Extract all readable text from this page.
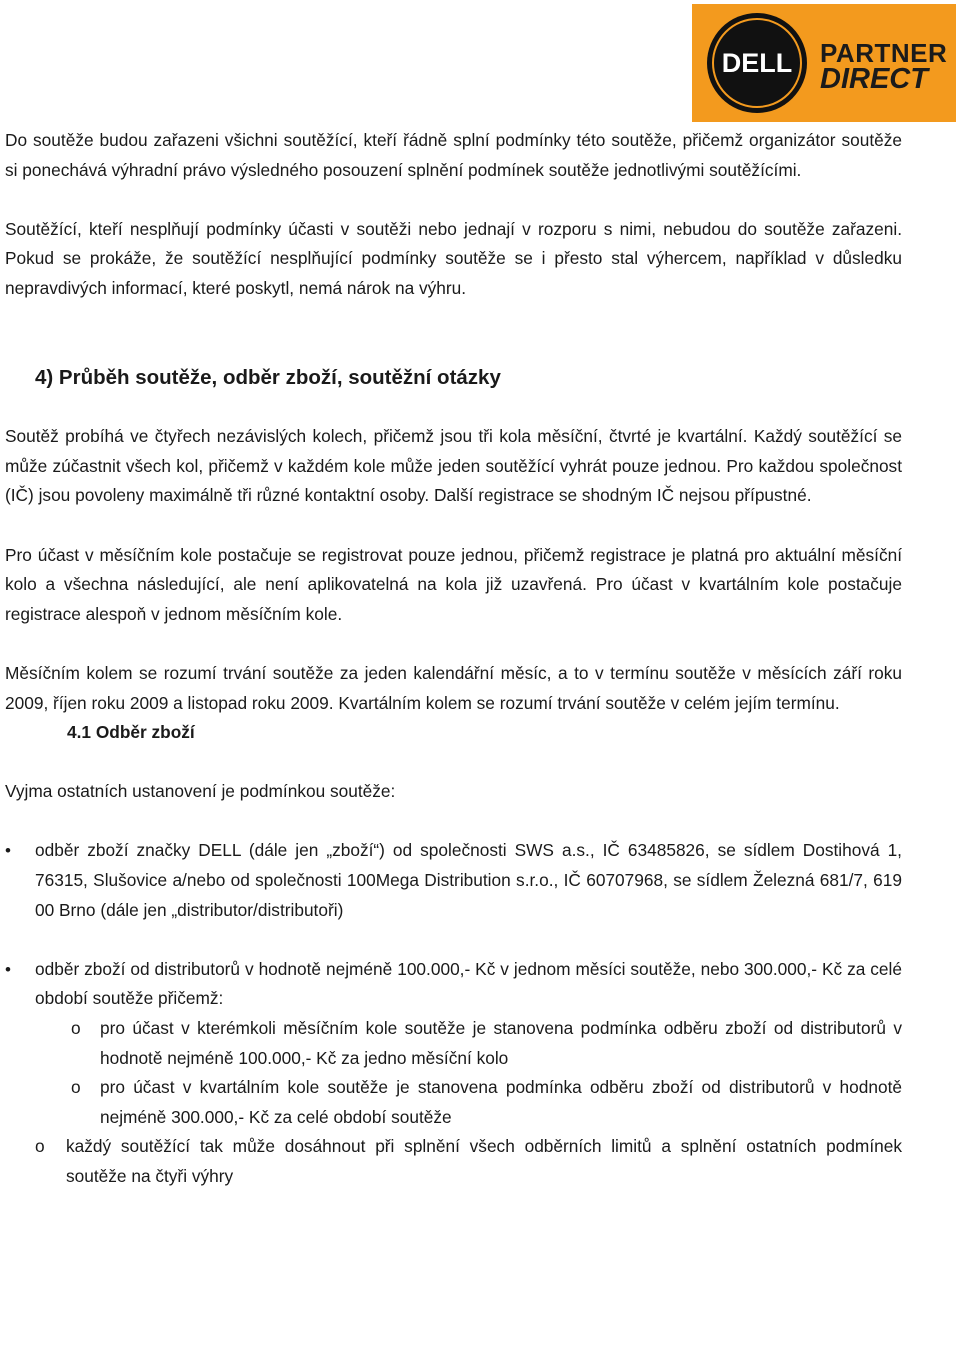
DELL PARTNER
DIRECT

Do soutěže budou zařazeni všichni soutěžící, kteří řádně splní podmínky této soutěže, přičemž organizátor soutěže si ponechává výhradní právo výsledného posouzení splnění podmínek soutěže jednotlivými soutěžícími.

Soutěžící, kteří nesplňují podmínky účasti v soutěži nebo jednají v rozporu s nimi, nebudou do soutěže zařazeni. Pokud se prokáže, že soutěžící nesplňující podmínky soutěže se i přesto stal výhercem, například v důsledku nepravdivých informací, které poskytl, nemá nárok na výhru.

4) Průběh soutěže, odběr zboží, soutěžní otázky

Soutěž probíhá ve čtyřech nezávislých kolech, přičemž jsou tři kola měsíční, čtvrté je kvartální. Každý soutěžící se může zúčastnit všech kol, přičemž v každém kole může jeden soutěžící vyhrát pouze jednou. Pro každou společnost (IČ) jsou povoleny maximálně tři různé kontaktní osoby. Další registrace se shodným IČ nejsou přípustné.

Pro účast v měsíčním kole postačuje se registrovat pouze jednou, přičemž registrace je platná pro aktuální měsíční kolo a všechna následující, ale není aplikovatelná na kola již uzavřená. Pro účast v kvartálním kole postačuje registrace alespoň v jednom měsíčním kole.

Měsíčním kolem se rozumí trvání soutěže za jeden kalendářní měsíc, a to v termínu soutěže v měsících září roku 2009, říjen roku 2009 a listopad roku 2009. Kvartálním kolem se rozumí trvání soutěže v celém jejím termínu.

4.1 Odběr zboží

Vyjma ostatních ustanovení je podmínkou soutěže:

• odběr zboží značky DELL (dále jen „zboží“) od společnosti SWS a.s., IČ 63485826, se sídlem Dostihová 1, 76315, Slušovice a/nebo od společnosti 100Mega Distribution s.r.o., IČ 60707968, se sídlem Železná 681/7, 619 00 Brno (dále jen „distributor/distributoři)
• odběr zboží od distributorů v hodnotě nejméně 100.000,- Kč v jednom měsíci soutěže, nebo 300.000,- Kč za celé období soutěže přičemž:
o pro účast v kterémkoli měsíčním kole soutěže je stanovena podmínka odběru zboží od distributorů v hodnotě nejméně 100.000,- Kč za jedno měsíční kolo
o pro účast v kvartálním kole soutěže je stanovena podmínka odběru zboží od distributorů v hodnotě nejméně 300.000,- Kč za celé období soutěže
o každý soutěžící tak může dosáhnout při splnění všech odběrních limitů a splnění ostatních podmínek soutěže na čtyři výhry
